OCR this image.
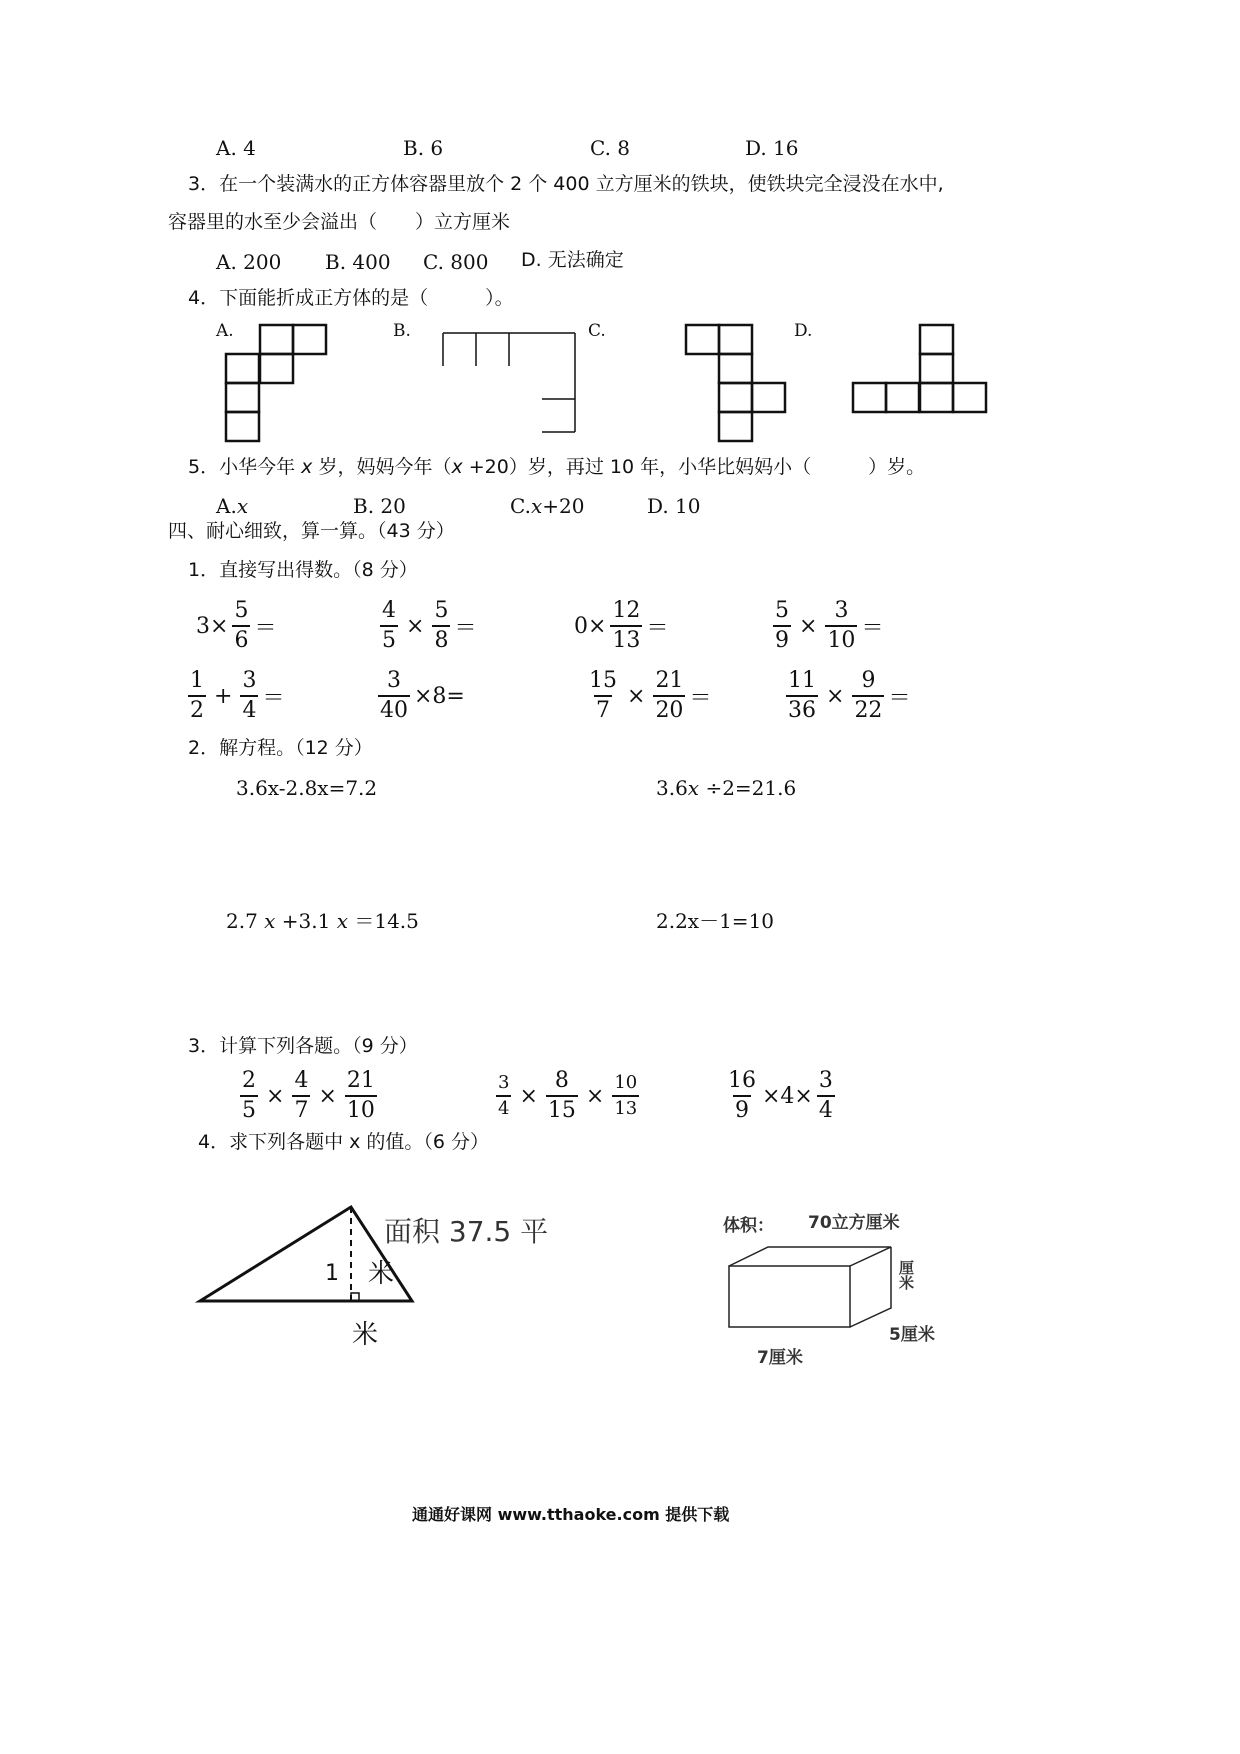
A. 4	B. 6	C. 8	D. 16
3．在一个装满水的正方体容器里放个 2 个 400 立方厘米的铁块，使铁块完全浸没在水中,
容器里的水至少会溢出（　　）立方厘米
A. 200 B. 400 C. 800 D. 无法确定
4．下面能折成正方体的是（　　　）。
A.	B.	C.	D.
5．小华今年 x 岁，妈妈今年（x +20）岁，再过 10 年，小华比妈妈小（　　　）岁。
A.x	B. 20	C.x+20	D. 10
四、耐心细致，算一算。（43 分）
1．直接写出得数。（8 分）
$3\times \frac{5}{6}$ ＝	$\frac{4}{5} \times \frac{5}{8}$ ＝	$0\times \frac{12}{13}$ ＝	$\frac{5}{9} \times \frac{3}{10}$ ＝
$\frac{1}{2} + \frac{3}{4}$ ＝	$\frac{3}{40} \times 8=$	$\frac{15}{7} \times \frac{21}{20}$ ＝	$\frac{11}{36} \times \frac{9}{22}$ ＝
2．解方程。（12 分）
3.6x-2.8x=7.2	3.6𝑥 ÷2=21.6
2.7 𝑥 +3.1 𝑥 ＝14.5	2.2x－1=10
3．计算下列各题。（9 分）
$\frac{2}{5} \times \frac{4}{7} \times \frac{21}{10}$	$\frac{3}{4} \times \frac{8}{15} \times \frac{10}{13}$	$\frac{16}{9} \times 4\times \frac{3}{4}$
4．求下列各题中 x 的值。（6 分）
面积 37.5 平
1 米
米
体积： 70立方厘米
厘米
5厘米
7厘米
通通好课网 www.tthaoke.com 提供下载
